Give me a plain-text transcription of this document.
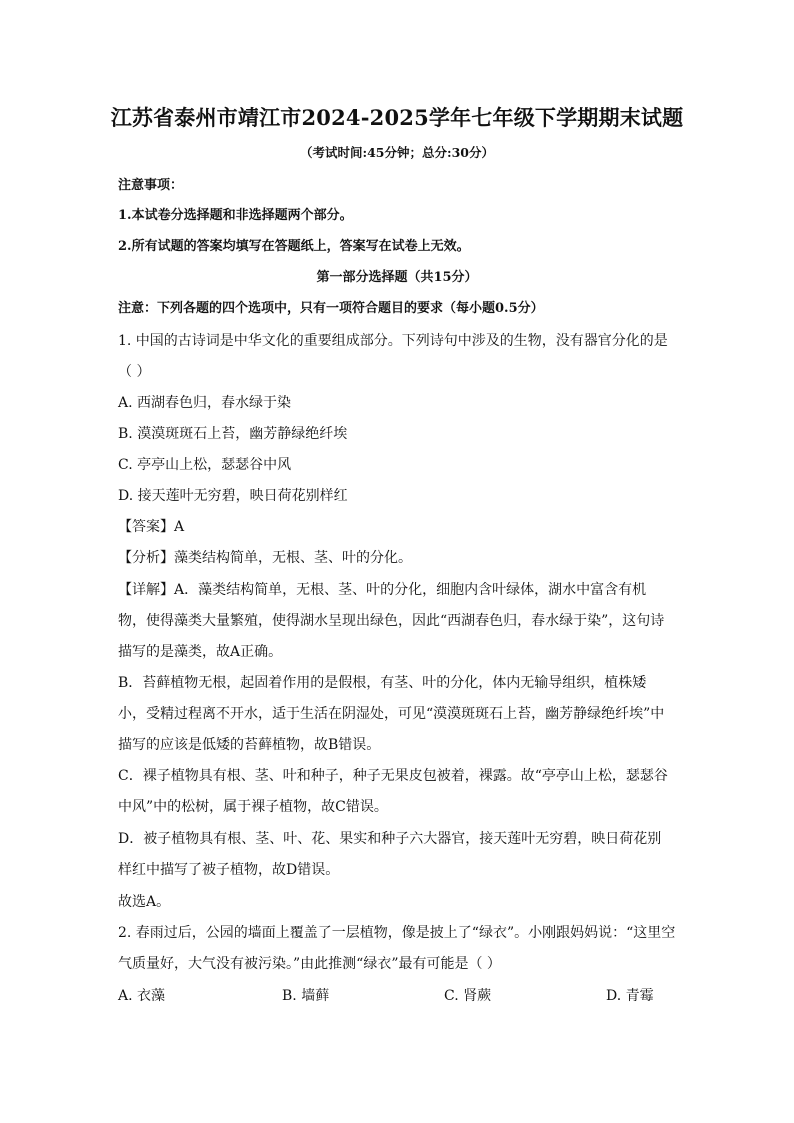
江苏省泰州市靖江市2024-2025学年七年级下学期期末试题
（考试时间:45分钟；总分:30分）
注意事项：
1.本试卷分选择题和非选择题两个部分。
2.所有试题的答案均填写在答题纸上，答案写在试卷上无效。
第一部分选择题（共15分）
注意：下列各题的四个选项中，只有一项符合题目的要求（每小题0.5分）
1. 中国的古诗词是中华文化的重要组成部分。下列诗句中涉及的生物，没有器官分化的是
（ ）
A. 西湖春色归，春水绿于染
B. 漠漠斑斑石上苔，幽芳静绿绝纤埃
C. 亭亭山上松，瑟瑟谷中风
D. 接天莲叶无穷碧，映日荷花别样红
【答案】A
【分析】藻类结构简单，无根、茎、叶的分化。
【详解】A．藻类结构简单，无根、茎、叶的分化，细胞内含叶绿体，湖水中富含有机
物，使得藻类大量繁殖，使得湖水呈现出绿色，因此“西湖春色归，春水绿于染”，这句诗
描写的是藻类，故A正确。
B．苔藓植物无根，起固着作用的是假根，有茎、叶的分化，体内无输导组织，植株矮
小，受精过程离不开水，适于生活在阴湿处，可见“漠漠斑斑石上苔，幽芳静绿绝纤埃”中
描写的应该是低矮的苔藓植物，故B错误。
C．裸子植物具有根、茎、叶和种子，种子无果皮包被着，裸露。故“亭亭山上松，瑟瑟谷
中风”中的松树，属于裸子植物，故C错误。
D．被子植物具有根、茎、叶、花、果实和种子六大器官，接天莲叶无穷碧，映日荷花别
样红中描写了被子植物，故D错误。
故选A。
2. 春雨过后，公园的墙面上覆盖了一层植物，像是披上了“绿衣”。小刚跟妈妈说：“这里空
气质量好，大气没有被污染。”由此推测“绿衣”最有可能是（ ）
A. 衣藻	B. 墙藓	C. 肾蕨	D. 青霉
